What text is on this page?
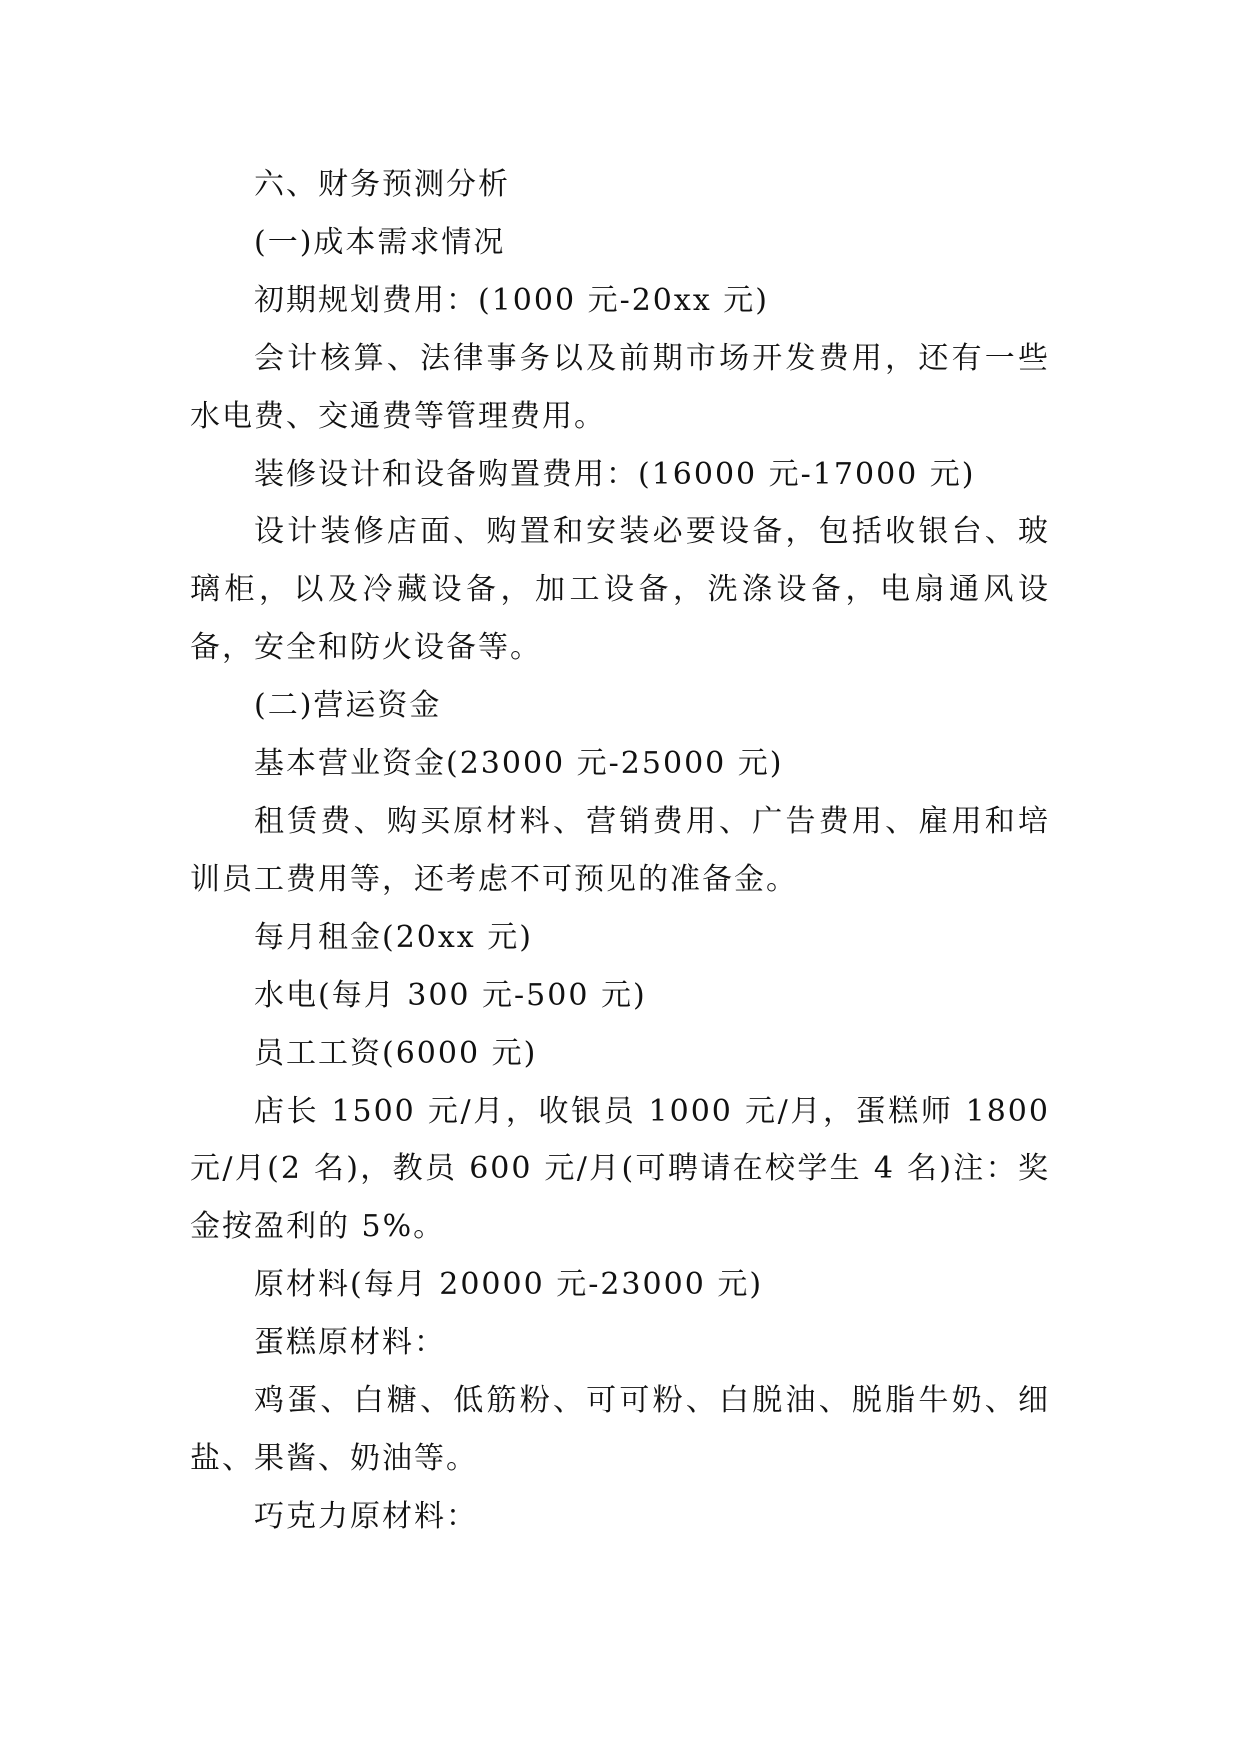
六、财务预测分析

(一)成本需求情况

初期规划费用：(1000 元-20xx 元)

会计核算、法律事务以及前期市场开发费用，还有一些水电费、交通费等管理费用。

装修设计和设备购置费用：(16000 元-17000 元)

设计装修店面、购置和安装必要设备，包括收银台、玻璃柜，以及冷藏设备，加工设备，洗涤设备，电扇通风设备，安全和防火设备等。

(二)营运资金

基本营业资金(23000 元-25000 元)

租赁费、购买原材料、营销费用、广告费用、雇用和培训员工费用等，还考虑不可预见的准备金。

每月租金(20xx 元)

水电(每月 300 元-500 元)

员工工资(6000 元)

店长 1500 元/月，收银员 1000 元/月，蛋糕师 1800 元/月(2 名)，教员 600 元/月(可聘请在校学生 4 名)注：奖金按盈利的 5%。

原材料(每月 20000 元-23000 元)

蛋糕原材料：

鸡蛋、白糖、低筋粉、可可粉、白脱油、脱脂牛奶、细盐、果酱、奶油等。

巧克力原材料：
